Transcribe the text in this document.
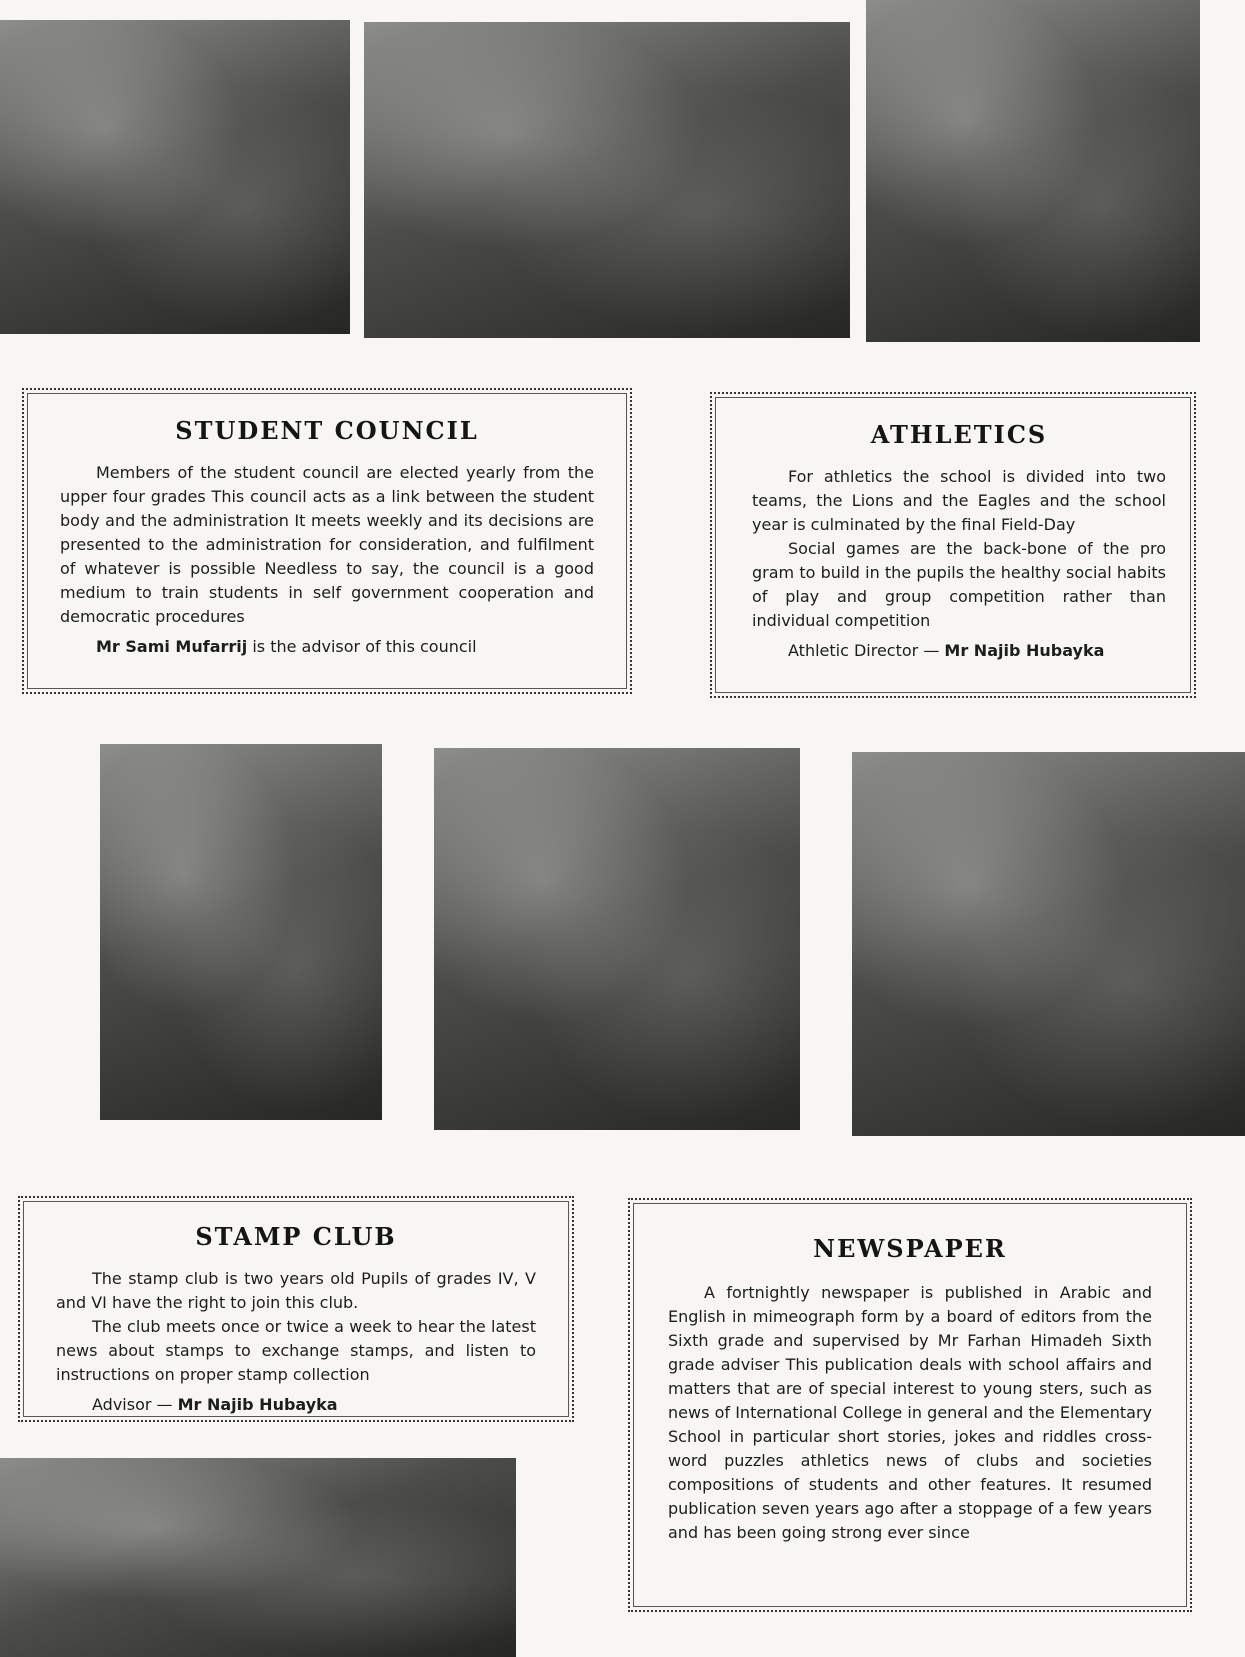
STUDENT COUNCIL

Members of the student council are elected yearly from the upper four grades This council acts as a link between the student body and the administration It meets weekly and its decisions are presented to the administration for consideration, and fulfilment of whatever is possible Needless to say, the council is a good medium to train students in self government cooperation and democratic procedures

Mr Sami Mufarrij is the advisor of this council

ATHLETICS

For athletics the school is divided into two teams, the Lions and the Eagles and the school year is culminated by the final Field-Day

Social games are the back-bone of the pro gram to build in the pupils the healthy social habits of play and group competition rather than individual competition

Athletic Director — Mr Najib Hubayka

STAMP CLUB

The stamp club is two years old Pupils of grades IV, V and VI have the right to join this club.

The club meets once or twice a week to hear the latest news about stamps to exchange stamps, and listen to instructions on proper stamp collection

Advisor — Mr Najib Hubayka

NEWSPAPER

A fortnightly newspaper is published in Arabic and English in mimeograph form by a board of editors from the Sixth grade and supervised by Mr Farhan Himadeh Sixth grade adviser This publication deals with school affairs and matters that are of special interest to young sters, such as news of International College in general and the Elementary School in particular short stories, jokes and riddles cross-word puzzles athletics news of clubs and societies compositions of students and other features. It resumed publication seven years ago after a stoppage of a few years and has been going strong ever since
